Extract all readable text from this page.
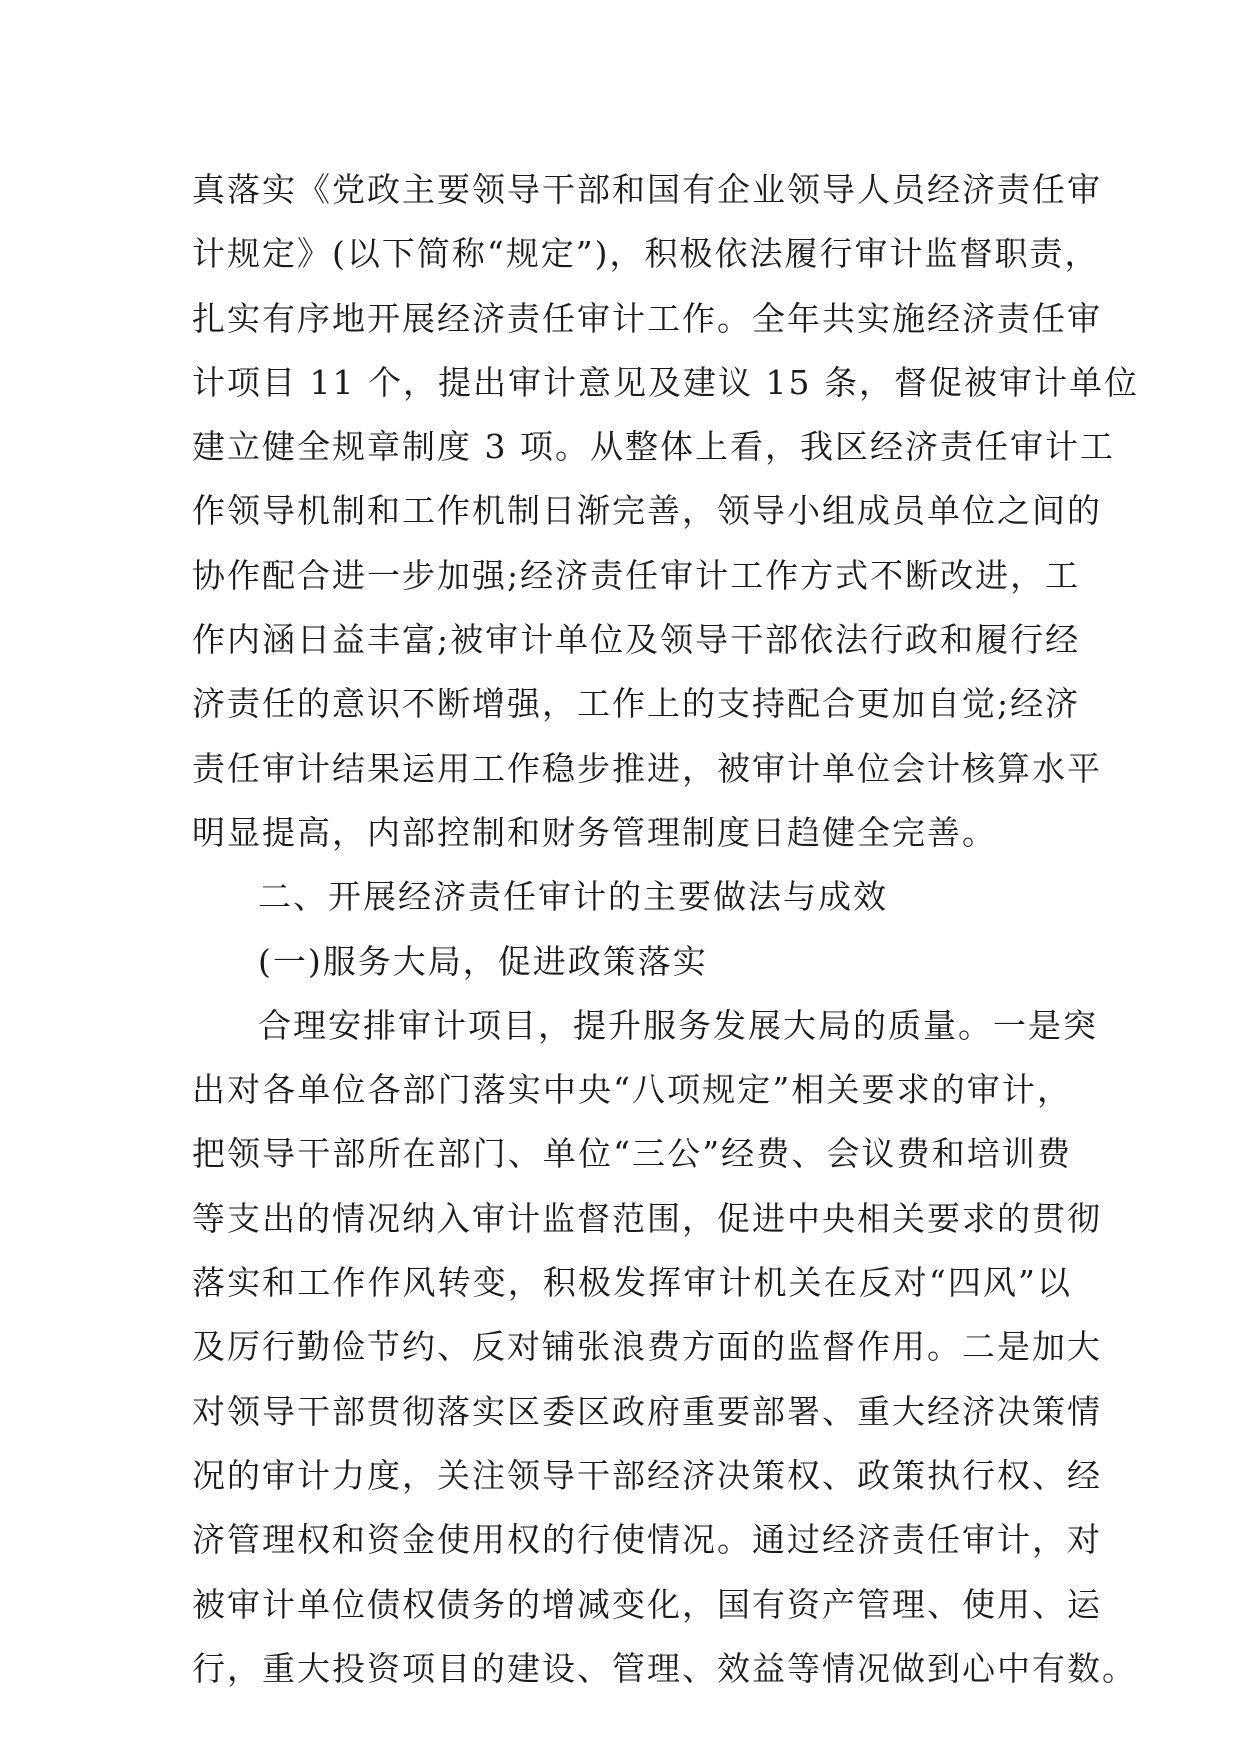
真落实《党政主要领导干部和国有企业领导人员经济责任审
计规定》(以下简称“规定”)，积极依法履行审计监督职责，
扎实有序地开展经济责任审计工作。全年共实施经济责任审
计项目 11 个，提出审计意见及建议 15 条，督促被审计单位
建立健全规章制度 3 项。从整体上看，我区经济责任审计工
作领导机制和工作机制日渐完善，领导小组成员单位之间的
协作配合进一步加强;经济责任审计工作方式不断改进，工
作内涵日益丰富;被审计单位及领导干部依法行政和履行经
济责任的意识不断增强，工作上的支持配合更加自觉;经济
责任审计结果运用工作稳步推进，被审计单位会计核算水平
明显提高，内部控制和财务管理制度日趋健全完善。
二、开展经济责任审计的主要做法与成效
(一)服务大局，促进政策落实
合理安排审计项目，提升服务发展大局的质量。一是突
出对各单位各部门落实中央“八项规定”相关要求的审计，
把领导干部所在部门、单位“三公”经费、会议费和培训费
等支出的情况纳入审计监督范围，促进中央相关要求的贯彻
落实和工作作风转变，积极发挥审计机关在反对“四风”以
及厉行勤俭节约、反对铺张浪费方面的监督作用。二是加大
对领导干部贯彻落实区委区政府重要部署、重大经济决策情
况的审计力度，关注领导干部经济决策权、政策执行权、经
济管理权和资金使用权的行使情况。通过经济责任审计，对
被审计单位债权债务的增减变化，国有资产管理、使用、运
行，重大投资项目的建设、管理、效益等情况做到心中有数。
